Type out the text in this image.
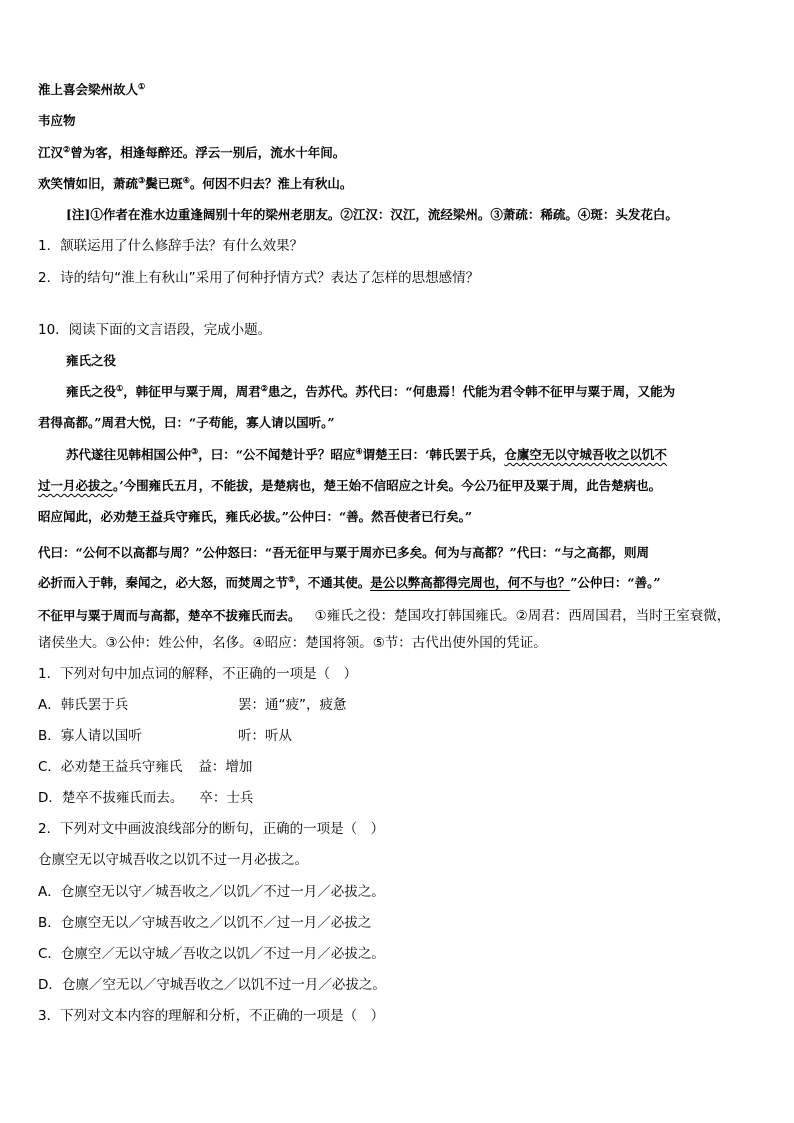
淮上喜会梁州故人①
韦应物
江汉②曾为客，相逢每醉还。浮云一别后，流水十年间。
欢笑情如旧，萧疏③鬓已斑④。何因不归去？淮上有秋山。
[注]①作者在淮水边重逢阔别十年的梁州老朋友。②江汉：汉江，流经梁州。③萧疏：稀疏。④斑：头发花白。
1．颔联运用了什么修辞手法？有什么效果？
2．诗的结句“淮上有秋山”采用了何种抒情方式？表达了怎样的思想感情？
10．阅读下面的文言语段，完成小题。
雍氏之役
雍氏之役①，韩征甲与粟于周，周君②患之，告苏代。苏代曰：“何患焉！代能为君令韩不征甲与粟于周，又能为
君得高都。”周君大悦，曰：“子苟能，寡人请以国听。”
苏代遂往见韩相国公仲③，曰：“公不闻楚计乎？昭应④谓楚王曰：‘韩氏罢于兵，仓廪空无以守城吾收之以饥不
过一月必拔之。’今围雍氏五月，不能拔，是楚病也，楚王始不信昭应之计矣。今公乃征甲及粟于周，此告楚病也。
昭应闻此，必劝楚王益兵守雍氏，雍氏必拔。”公仲曰：“善。然吾使者已行矣。”
代曰：“公何不以高都与周？”公仲怒曰：“吾无征甲与粟于周亦已多矣。何为与高都？”代曰：“与之高都，则周
必折而入于韩，秦闻之，必大怒，而焚周之节⑤，不通其使。是公以弊高都得完周也，何不与也？”公仲曰：“善。”
不征甲与粟于周而与高都，楚卒不拔雍氏而去。 ①雍氏之役：楚国攻打韩国雍氏。②周君：西周国君，当时王室衰微，
诸侯坐大。③公仲：姓公仲，名侈。④昭应：楚国将领。⑤节：古代出使外国的凭证。
1．下列对句中加点词的解释，不正确的一项是（　）
A．韩氏罢于兵	罢：通“疲”，疲惫
B．寡人请以国听	听：听从
C．必劝楚王益兵守雍氏 益：增加
D．楚卒不拔雍氏而去。 卒：士兵
2．下列对文中画波浪线部分的断句，正确的一项是（　）
仓廪空无以守城吾收之以饥不过一月必拔之。
A．仓廪空无以守／城吾收之／以饥／不过一月／必拔之。
B．仓廪空无以／守城吾收之／以饥不／过一月／必拔之
C．仓廪空／无以守城／吾收之以饥／不过一月／必拔之。
D．仓廪／空无以／守城吾收之／以饥不过一月／必拔之。
3．下列对文本内容的理解和分析，不正确的一项是（　）
